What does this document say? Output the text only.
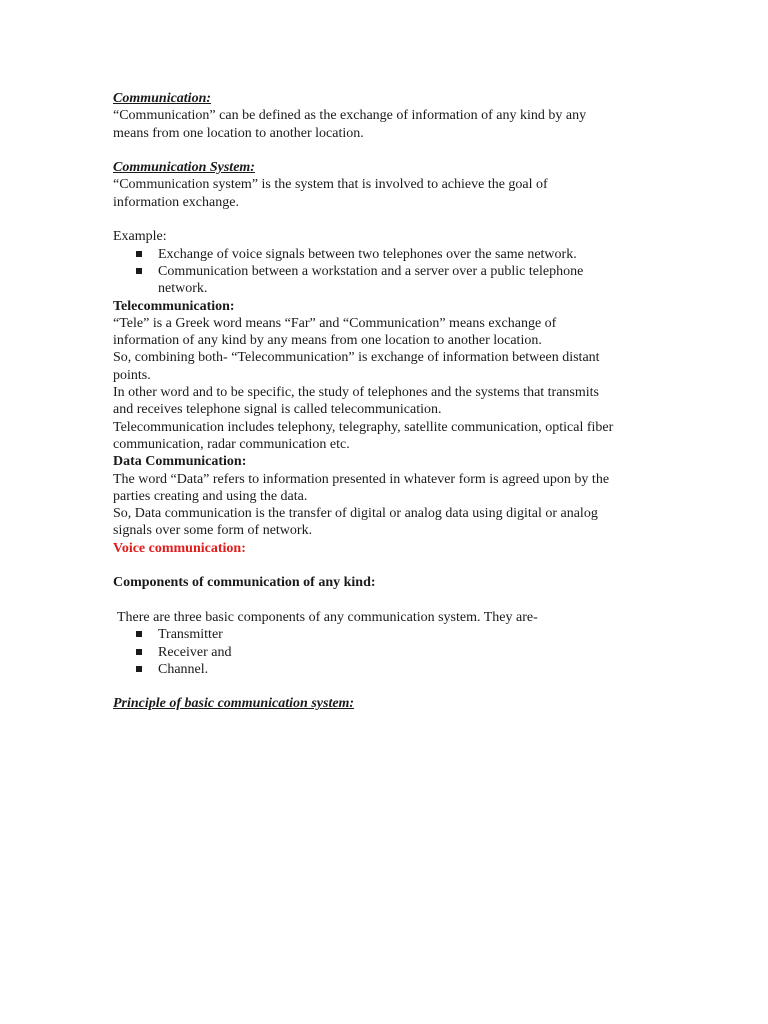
Communication:
“Communication” can be defined as the exchange of information of any kind by any
means from one location to another location.
Communication System:
“Communication system” is the system that is involved to achieve the goal of
information exchange.
Example:
Exchange of voice signals between two telephones over the same network.
Communication between a workstation and a server over a public telephone
network.
Telecommunication:
“Tele” is a Greek word means “Far” and “Communication” means exchange of
information of any kind by any means from one location to another location.
So, combining both- “Telecommunication” is exchange of information between distant
points.
In other word and to be specific, the study of telephones and the systems that transmits
and receives telephone signal is called telecommunication.
Telecommunication includes telephony, telegraphy, satellite communication, optical fiber
communication, radar communication etc.
Data Communication:
The word “Data” refers to information presented in whatever form is agreed upon by the
parties creating and using the data.
So, Data communication is the transfer of digital or analog data using digital or analog
signals over some form of network.
Voice communication:
Components of communication of any kind:
There are three basic components of any communication system. They are-
Transmitter
Receiver and
Channel.
Principle of basic communication system:
